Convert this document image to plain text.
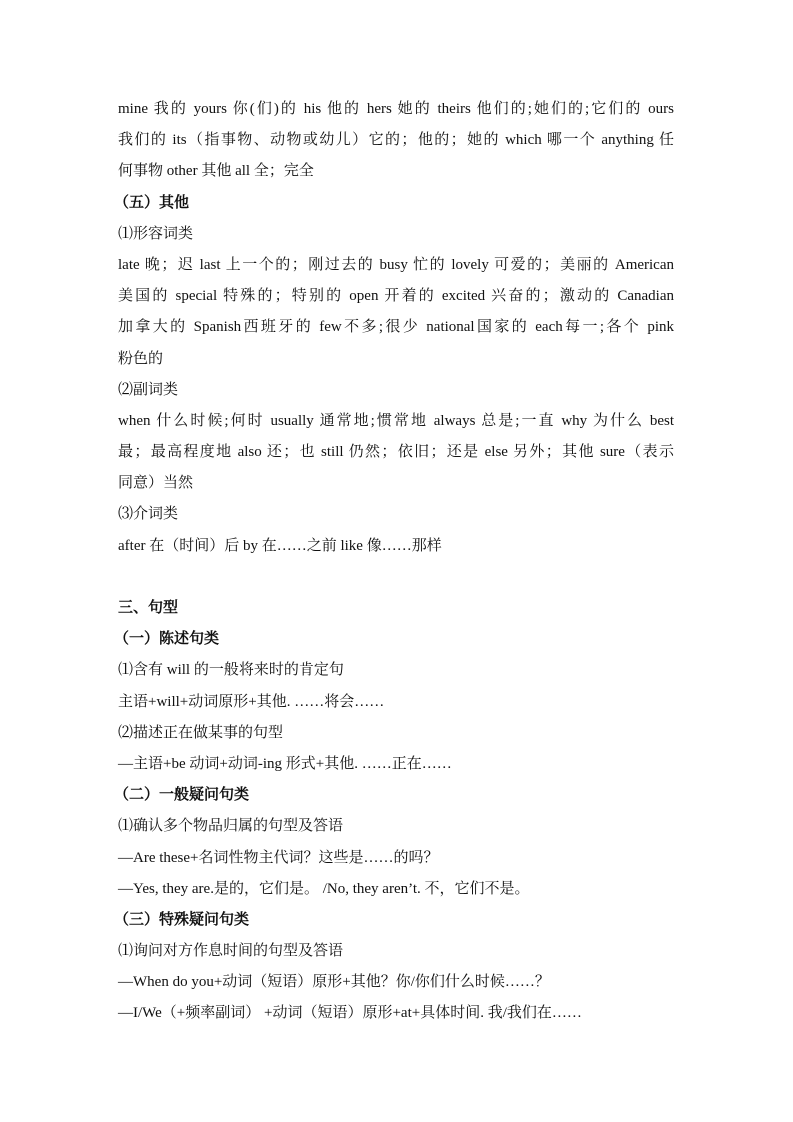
mine 我的 yours 你(们)的 his 他的 hers 她的 theirs 他们的;她们的;它们的 ours
我们的 its（指事物、动物或幼儿）它的；他的；她的 which 哪一个 anything 任
何事物 other 其他 all 全；完全
（五）其他
⑴形容词类
late 晚；迟 last 上一个的；刚过去的 busy 忙的 lovely 可爱的；美丽的 American
美国的 special 特殊的；特别的 open 开着的 excited 兴奋的；激动的 Canadian
加拿大的 Spanish西班牙的 few不多;很少 national国家的 each每一;各个 pink
粉色的
⑵副词类
when 什么时候;何时 usually 通常地;惯常地 always 总是;一直 why 为什么 best
最；最高程度地 also 还；也 still 仍然；依旧；还是 else 另外；其他 sure（表示
同意）当然
⑶介词类
after 在（时间）后 by 在……之前 like 像……那样
三、句型
（一）陈述句类
⑴含有 will 的一般将来时的肯定句
主语+will+动词原形+其他. ……将会……
⑵描述正在做某事的句型
—主语+be 动词+动词-ing 形式+其他. ……正在……
（二）一般疑问句类
⑴确认多个物品归属的句型及答语
—Are these+名词性物主代词？这些是……的吗？
—Yes, they are.是的，它们是。 /No, they aren’t. 不，它们不是。
（三）特殊疑问句类
⑴询问对方作息时间的句型及答语
—When do you+动词（短语）原形+其他？你/你们什么时候……？
—I/We（+频率副词） +动词（短语）原形+at+具体时间. 我/我们在……
